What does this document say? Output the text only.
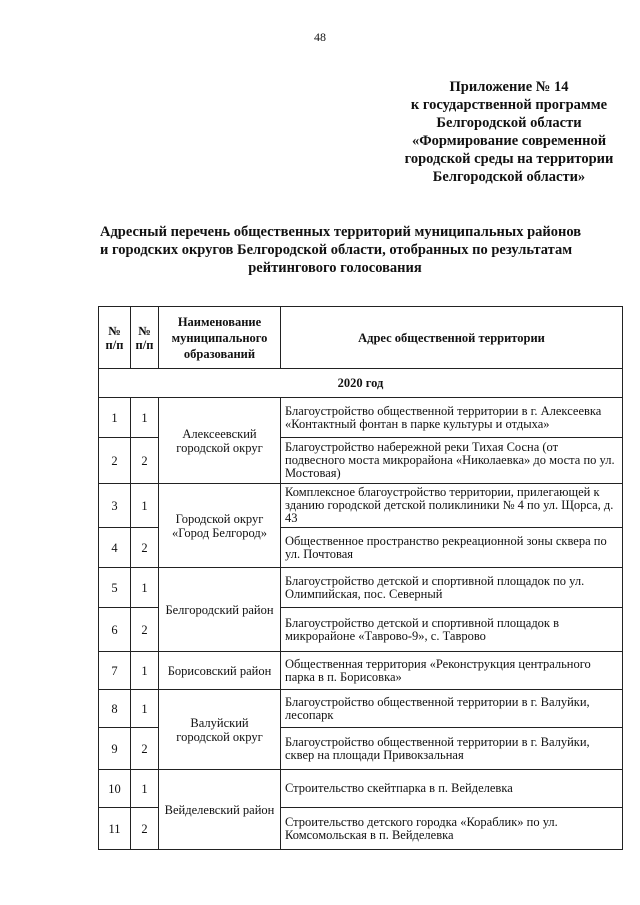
48
Приложение № 14
к государственной программе
Белгородской области
«Формирование современной
городской среды на территории
Белгородской области»
Адресный перечень общественных территорий муниципальных районов
и городских округов Белгородской области, отобранных по результатам
рейтингового голосования
№ п/п	№ п/п	Наименование муниципального образований	Адрес общественной территории
2020 год			
1	1	Алексеевский городской округ	Благоустройство общественной территории в г. Алексеевка «Контактный фонтан в парке культуры и отдыха»
2	2		Благоустройство набережной реки Тихая Сосна (от подвесного моста микрорайона «Николаевка» до моста по ул. Мостовая)
3	1	Городской округ «Город Белгород»	Комплексное благоустройство территории, прилегающей к зданию городской детской поликлиники № 4 по ул. Щорса, д. 43
4	2		Общественное пространство рекреационной зоны сквера по ул. Почтовая
5	1	Белгородский район	Благоустройство детской и спортивной площадок по ул. Олимпийская, пос. Северный
6	2		Благоустройство детской и спортивной площадок в микрорайоне «Таврово-9», с. Таврово
7	1	Борисовский район	Общественная территория «Реконструкция центрального парка в п. Борисовка»
8	1	Валуйский городской округ	Благоустройство общественной территории в г. Валуйки, лесопарк
9	2		Благоустройство общественной территории в г. Валуйки, сквер на площади Привокзальная
10	1	Вейделевский район	Строительство скейтпарка в п. Вейделевка
11	2		Строительство детского городка «Кораблик» по ул. Комсомольская в п. Вейделевка
